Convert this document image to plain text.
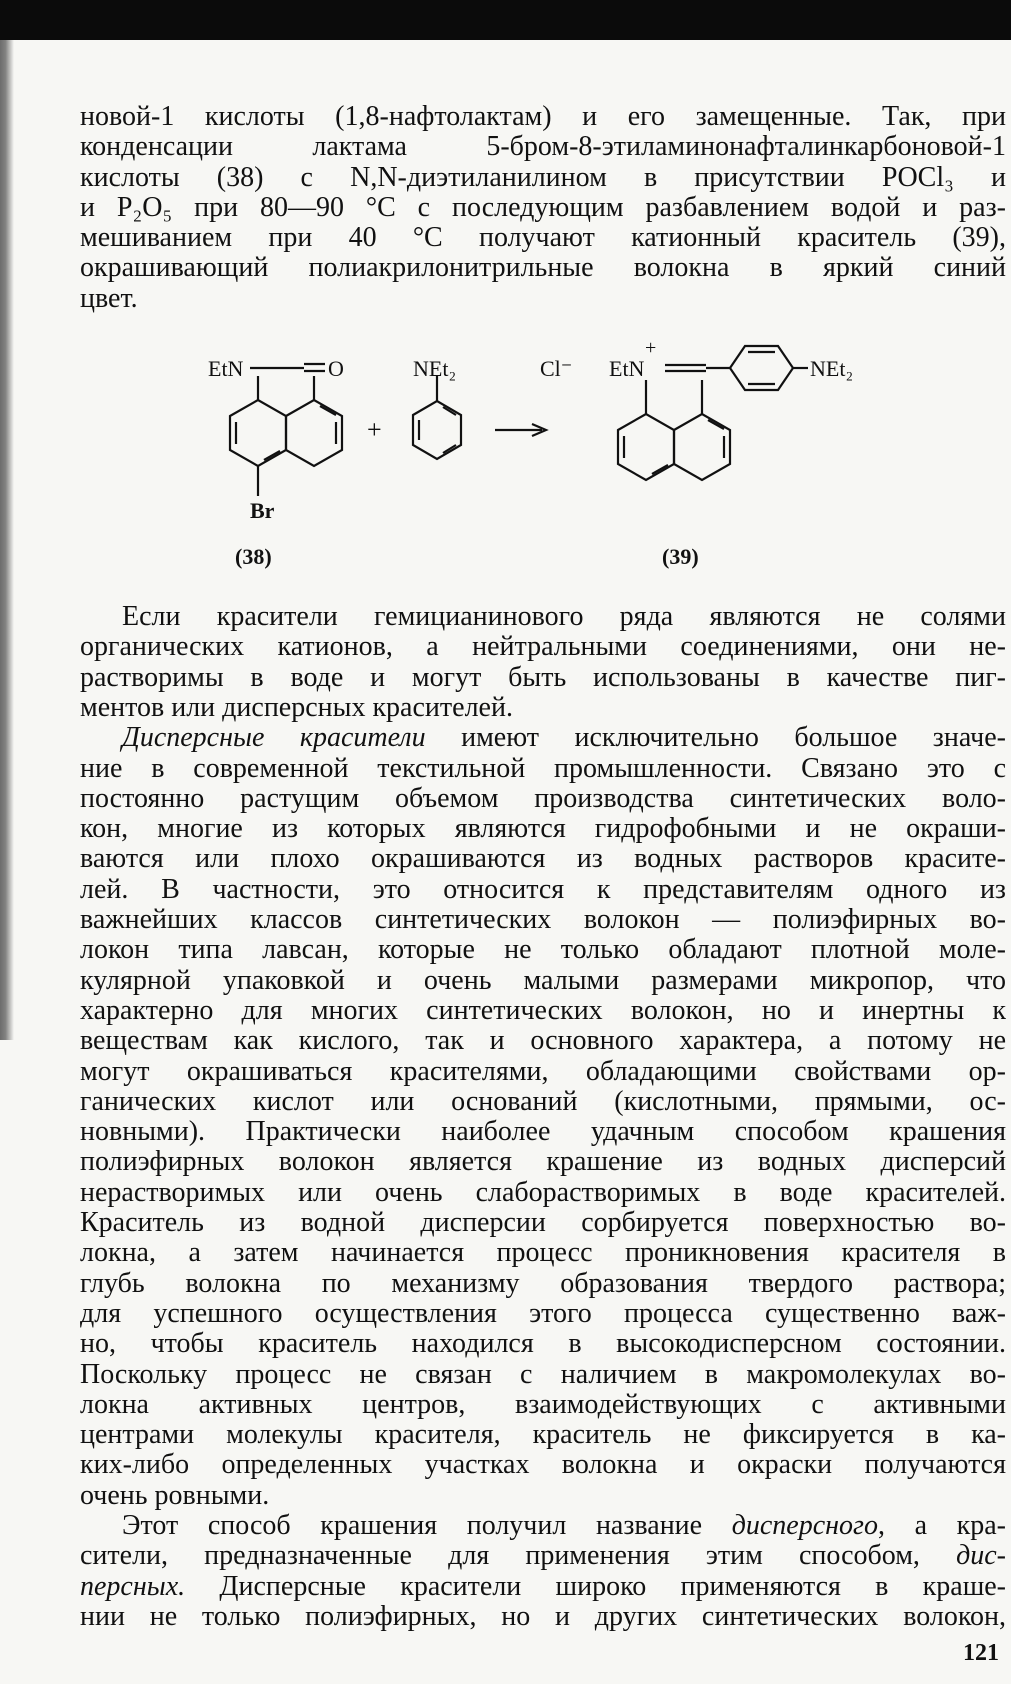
новой-1 кислоты (1,8-нафтолактам) и его замещенные. Так, при
конденсации лактама 5-бром-8-этиламинонафталинкарбоновой-1
кислоты (38) с N,N-диэтиланилином в присутствии POCl₃ и
и P₂O₅ при 80—90 °C с последующим разбавлением водой и раз-
мешиванием при 40 °C получают катионный краситель (39),
окрашивающий полиакрилонитрильные волокна в яркий синий
цвет.
EtN	O	NEt₂
+
Br
Cl⁻ EtN
+
NEt₂
(38)	(39)
Если красители гемицианинового ряда являются не солями
органических катионов, а нейтральными соединениями, они не-
растворимы в воде и могут быть использованы в качестве пиг-
ментов или дисперсных красителей.
Дисперсные красители имеют исключительно большое значе-
ние в современной текстильной промышленности. Связано это с
постоянно растущим объемом производства синтетических воло-
кон, многие из которых являются гидрофобными и не окраши-
ваются или плохо окрашиваются из водных растворов красите-
лей. В частности, это относится к представителям одного из
важнейших классов синтетических волокон — полиэфирных во-
локон типа лавсан, которые не только обладают плотной моле-
кулярной упаковкой и очень малыми размерами микропор, что
характерно для многих синтетических волокон, но и инертны к
веществам как кислого, так и основного характера, а потому не
могут окрашиваться красителями, обладающими свойствами ор-
ганических кислот или оснований (кислотными, прямыми, ос-
новными). Практически наиболее удачным способом крашения
полиэфирных волокон является крашение из водных дисперсий
нерастворимых или очень слаборастворимых в воде красителей.
Краситель из водной дисперсии сорбируется поверхностью во-
локна, а затем начинается процесс проникновения красителя в
глубь волокна по механизму образования твердого раствора;
для успешного осуществления этого процесса существенно важ-
но, чтобы краситель находился в высокодисперсном состоянии.
Поскольку процесс не связан с наличием в макромолекулах во-
локна активных центров, взаимодействующих с активными
центрами молекулы красителя, краситель не фиксируется в ка-
ких-либо определенных участках волокна и окраски получаются
очень ровными.
Этот способ крашения получил название дисперсного, а кра-
сители, предназначенные для применения этим способом, дис-
персных. Дисперсные красители широко применяются в краше-
нии не только полиэфирных, но и других синтетических волокон,
121
